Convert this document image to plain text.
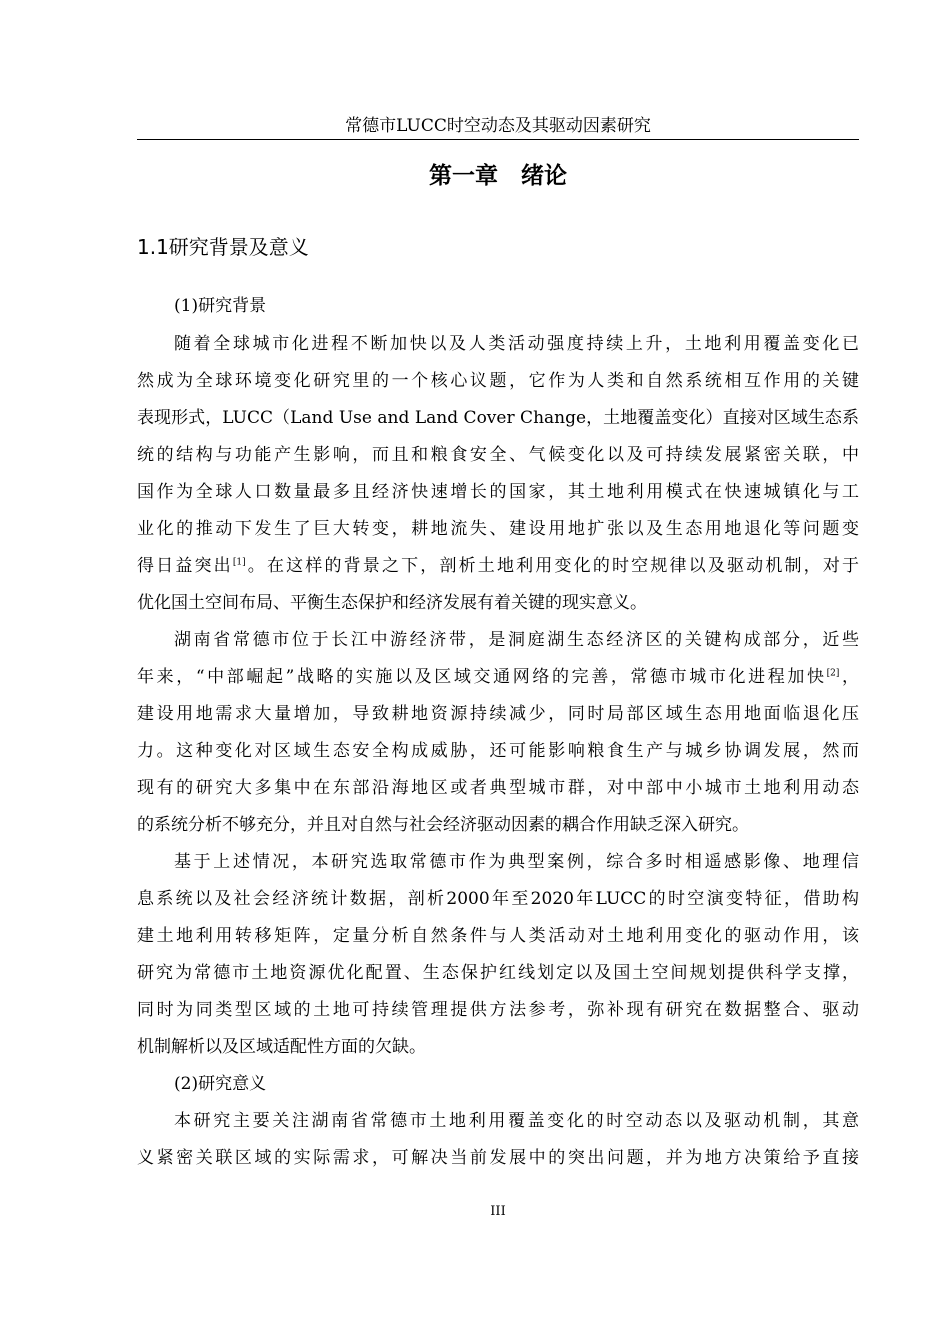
常德市LUCC时空动态及其驱动因素研究
第一章　绪论
1.1研究背景及意义
(1)研究背景
随着全球城市化进程不断加快以及人类活动强度持续上升，土地利用覆盖变化已
然成为全球环境变化研究里的一个核心议题，它作为人类和自然系统相互作用的关键
表现形式，LUCC（Land Use and Land Cover Change，土地覆盖变化）直接对区域生态系
统的结构与功能产生影响，而且和粮食安全、气候变化以及可持续发展紧密关联，中
国作为全球人口数量最多且经济快速增长的国家，其土地利用模式在快速城镇化与工
业化的推动下发生了巨大转变，耕地流失、建设用地扩张以及生态用地退化等问题变
得日益突出[1]。在这样的背景之下，剖析土地利用变化的时空规律以及驱动机制，对于
优化国土空间布局、平衡生态保护和经济发展有着关键的现实意义。
湖南省常德市位于长江中游经济带，是洞庭湖生态经济区的关键构成部分，近些
年来，“中部崛起”战略的实施以及区域交通网络的完善，常德市城市化进程加快[2]，
建设用地需求大量增加，导致耕地资源持续减少，同时局部区域生态用地面临退化压
力。这种变化对区域生态安全构成威胁，还可能影响粮食生产与城乡协调发展，然而
现有的研究大多集中在东部沿海地区或者典型城市群，对中部中小城市土地利用动态
的系统分析不够充分，并且对自然与社会经济驱动因素的耦合作用缺乏深入研究。
基于上述情况，本研究选取常德市作为典型案例，综合多时相遥感影像、地理信
息系统以及社会经济统计数据，剖析2000年至2020年LUCC的时空演变特征，借助构
建土地利用转移矩阵，定量分析自然条件与人类活动对土地利用变化的驱动作用，该
研究为常德市土地资源优化配置、生态保护红线划定以及国土空间规划提供科学支撑，
同时为同类型区域的土地可持续管理提供方法参考，弥补现有研究在数据整合、驱动
机制解析以及区域适配性方面的欠缺。
(2)研究意义
本研究主要关注湖南省常德市土地利用覆盖变化的时空动态以及驱动机制，其意
义紧密关联区域的实际需求，可解决当前发展中的突出问题，并为地方决策给予直接
III
